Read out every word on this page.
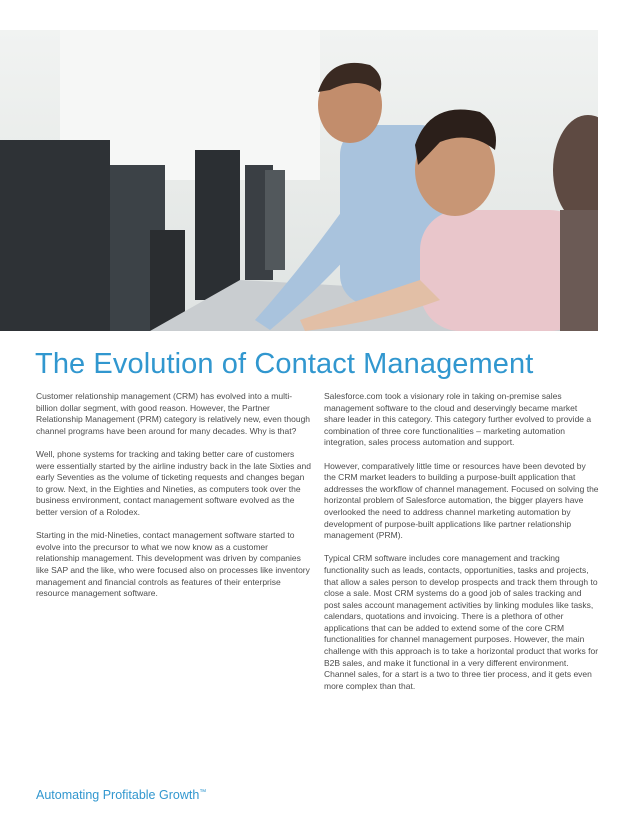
The Evolution of Contact Management

Customer relationship management (CRM) has evolved into a multi-billion dollar segment, with good reason. However, the Partner Relationship Management (PRM) category is relatively new, even though channel programs have been around for many decades. Why is that?

Well, phone systems for tracking and taking better care of customers were essentially started by the airline industry back in the late Sixties and early Seventies as the volume of ticketing requests and changes began to grow. Next, in the Eighties and Nineties, as computers took over the business environment, contact management software evolved as the better version of a Rolodex.

Starting in the mid-Nineties, contact management software started to evolve into the precursor to what we now know as a customer relationship management. This development was driven by companies like SAP and the like, who were focused also on processes like inventory management and financial controls as features of their enterprise resource management software.

Salesforce.com took a visionary role in taking on-premise sales management software to the cloud and deservingly became market share leader in this category. This category further evolved to provide a combination of three core functionalities – marketing automation integration, sales process automation and support.

However, comparatively little time or resources have been devoted by the CRM market leaders to building a purpose-built application that addresses the workflow of channel management. Focused on solving the horizontal problem of Salesforce automation, the bigger players have overlooked the need to address channel marketing automation by development of purpose-built applications like partner relationship management (PRM).

Typical CRM software includes core management and tracking functionality such as leads, contacts, opportunities, tasks and projects, that allow a sales person to develop prospects and track them through to close a sale. Most CRM systems do a good job of sales tracking and post sales account management activities by linking modules like tasks, calendars, quotations and invoicing. There is a plethora of other applications that can be added to extend some of the core CRM functionalities for channel management purposes. However, the main challenge with this approach is to take a horizontal product that works for B2B sales, and make it functional in a very different environment. Channel sales, for a start is a two to three tier process, and it gets even more complex than that.

Automating Profitable Growth™
